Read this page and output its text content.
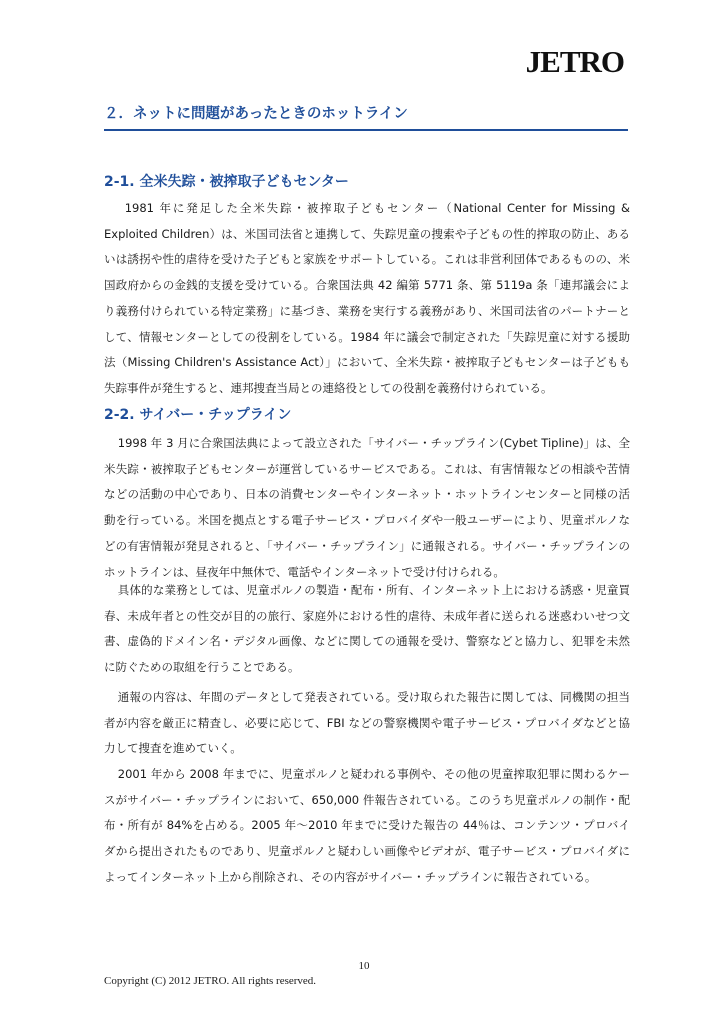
JETRO
２．ネットに問題があったときのホットライン
2-1. 全米失踪・被搾取子どもセンター

1981 年に発足した全米失踪・被搾取子どもセンター（National Center for Missing & Exploited Children）は、米国司法省と連携して、失踪児童の捜索や子どもの性的搾取の防止、あるいは誘拐や性的虐待を受けた子どもと家族をサポートしている。これは非営利団体であるものの、米国政府からの金銭的支援を受けている。合衆国法典 42 編第 5771 条、第 5119a 条「連邦議会により義務付けられている特定業務」に基づき、業務を実行する義務があり、米国司法省のパートナーとして、情報センターとしての役割をしている。1984 年に議会で制定された「失踪児童に対する援助法（Missing Children's Assistance Act）」において、全米失踪・被搾取子どもセンターは子どもも失踪事件が発生すると、連邦捜査当局との連絡役としての役割を義務付けられている。

2-2. サイバー・チップライン

1998 年 3 月に合衆国法典によって設立された「サイバー・チップライン(Cybet Tipline)」は、全米失踪・被搾取子どもセンターが運営しているサービスである。これは、有害情報などの相談や苦情などの活動の中心であり、日本の消費センターやインターネット・ホットラインセンターと同様の活動を行っている。米国を拠点とする電子サービス・プロバイダや一般ユーザーにより、児童ポルノなどの有害情報が発見されると、「サイバー・チップライン」に通報される。サイバー・チップラインのホットラインは、昼夜年中無休で、電話やインターネットで受け付けられる。

具体的な業務としては、児童ポルノの製造・配布・所有、インターネット上における誘惑・児童買春、未成年者との性交が目的の旅行、家庭外における性的虐待、未成年者に送られる迷惑わいせつ文書、虚偽的ドメイン名・デジタル画像、などに関しての通報を受け、警察などと協力し、犯罪を未然に防ぐための取組を行うことである。

通報の内容は、年間のデータとして発表されている。受け取られた報告に関しては、同機関の担当者が内容を厳正に精査し、必要に応じて、FBI などの警察機関や電子サービス・プロバイダなどと協力して捜査を進めていく。

2001 年から 2008 年までに、児童ポルノと疑われる事例や、その他の児童搾取犯罪に関わるケースがサイバー・チップラインにおいて、650,000 件報告されている。このうち児童ポルノの制作・配布・所有が 84%を占める。2005 年～2010 年までに受けた報告の 44％は、コンテンツ・プロバイダから提出されたものであり、児童ポルノと疑わしい画像やビデオが、電子サービス・プロバイダによってインターネット上から削除され、その内容がサイバー・チップラインに報告されている。

10
Copyright (C) 2012 JETRO. All rights reserved.
